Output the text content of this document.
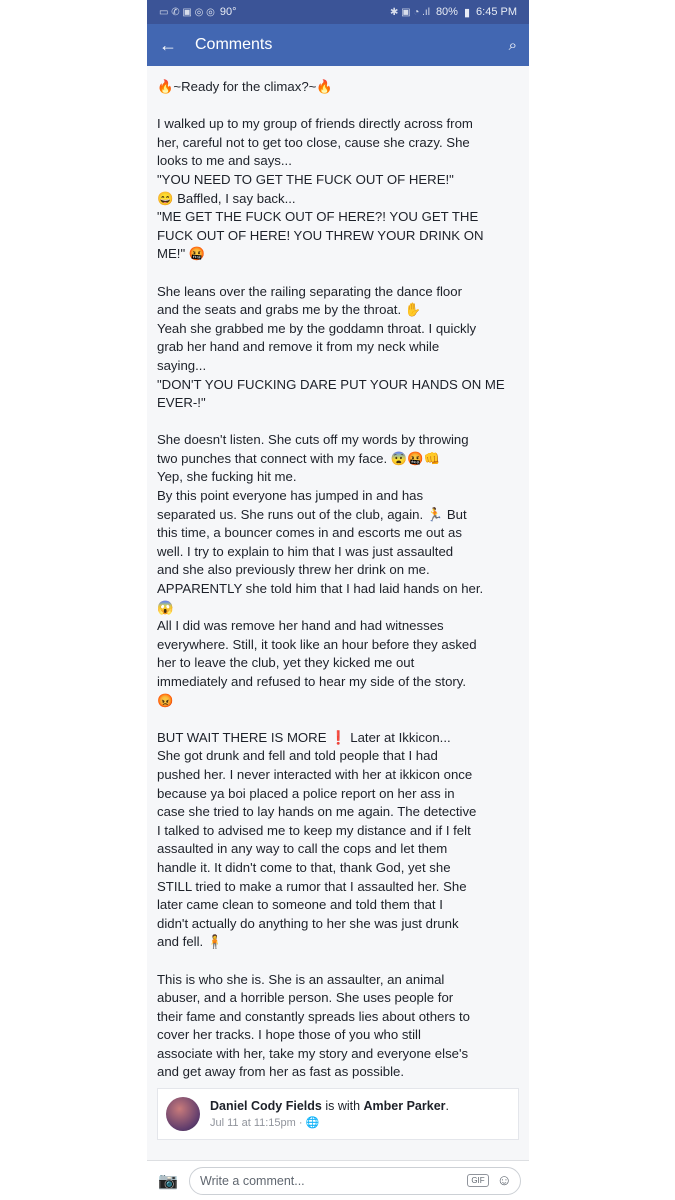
▭ ✆ ▣ ◎ ◎ 90°	✱ ▣ ◔ .ıl 80% ▮ 6:45 PM
←	Comments	⌕
🔥~Ready for the climax?~🔥

I walked up to my group of friends directly across from
her, careful not to get too close, cause she crazy. She
looks to me and says...
"YOU NEED TO GET THE FUCK OUT OF HERE!"
😄 Baffled, I say back...
"ME GET THE FUCK OUT OF HERE?! YOU GET THE
FUCK OUT OF HERE! YOU THREW YOUR DRINK ON
ME!" 🤬

She leans over the railing separating the dance floor
and the seats and grabs me by the throat. ✋
Yeah she grabbed me by the goddamn throat. I quickly
grab her hand and remove it from my neck while
saying...
"DON'T YOU FUCKING DARE PUT YOUR HANDS ON ME
EVER-!"

She doesn't listen. She cuts off my words by throwing
two punches that connect with my face. 😨🤬👊
Yep, she fucking hit me.
By this point everyone has jumped in and has
separated us. She runs out of the club, again. 🏃 But
this time, a bouncer comes in and escorts me out as
well. I try to explain to him that I was just assaulted
and she also previously threw her drink on me.
APPARENTLY she told him that I had laid hands on her.
😱
All I did was remove her hand and had witnesses
everywhere. Still, it took like an hour before they asked
her to leave the club, yet they kicked me out
immediately and refused to hear my side of the story.
😡

BUT WAIT THERE IS MORE ❗ Later at Ikkicon...
She got drunk and fell and told people that I had
pushed her. I never interacted with her at ikkicon once
because ya boi placed a police report on her ass in
case she tried to lay hands on me again. The detective
I talked to advised me to keep my distance and if I felt
assaulted in any way to call the cops and let them
handle it. It didn't come to that, thank God, yet she
STILL tried to make a rumor that I assaulted her. She
later came clean to someone and told them that I
didn't actually do anything to her she was just drunk
and fell. 🧍

This is who she is. She is an assaulter, an animal
abuser, and a horrible person. She uses people for
their fame and constantly spreads lies about others to
cover her tracks. I hope those of you who still
associate with her, take my story and everyone else's
and get away from her as fast as possible.
Daniel Cody Fields is with Amber Parker.
Jul 11 at 11:15pm · 🌐
📷 Write a comment...	GIF ☺
